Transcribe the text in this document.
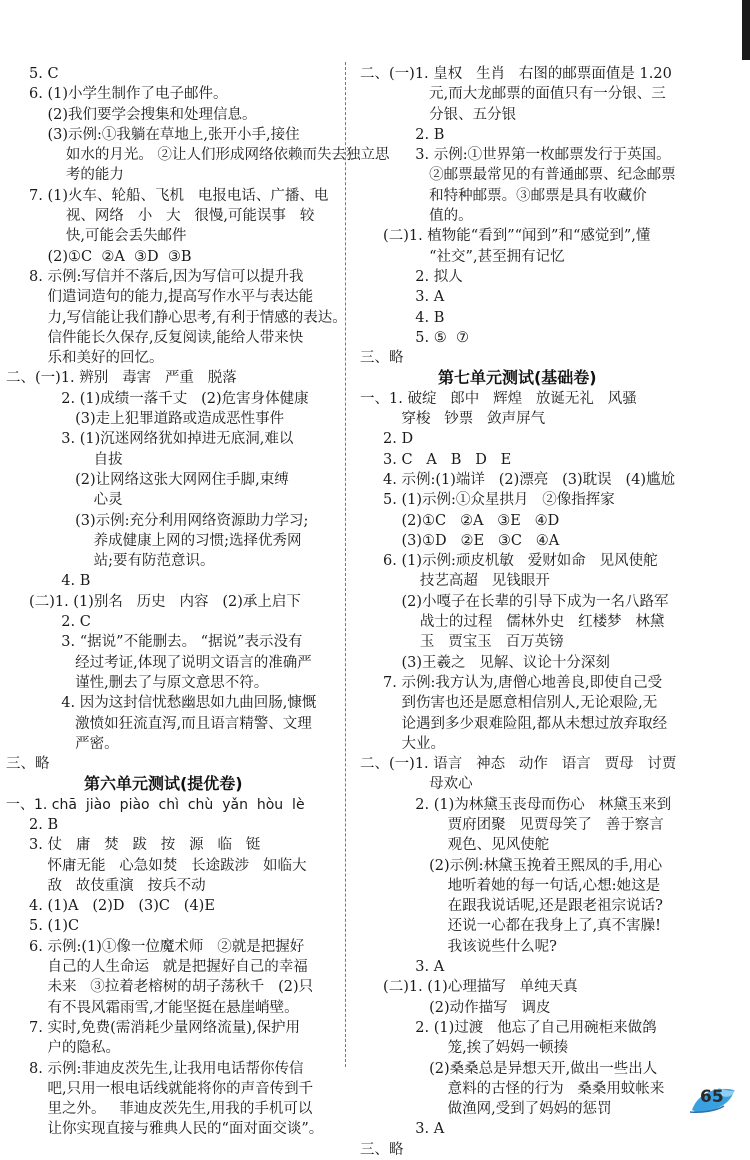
5. C
6. (1)小学生制作了电子邮件。
(2)我们要学会搜集和处理信息。
(3)示例:①我躺在草地上,张开小手,接住
如水的月光。 ②让人们形成网络依赖而失去独立思
考的能力
7. (1)火车、轮船、飞机   电报电话、广播、电
视、网络   小   大   很慢,可能误事   较
快,可能会丢失邮件
(2)①C  ②A  ③D  ③B
8. 示例:写信并不落后,因为写信可以提升我
们遣词造句的能力,提高写作水平与表达能
力,写信能让我们静心思考,有利于情感的表达。
信件能长久保存,反复阅读,能给人带来快
乐和美好的回忆。
二、(一)1. 辨别   毒害   严重   脱落
2. (1)成绩一落千丈   (2)危害身体健康
(3)走上犯罪道路或造成恶性事件
3. (1)沉迷网络犹如掉进无底洞,难以
自拔
(2)让网络这张大网网住手脚,束缚
心灵
(3)示例:充分利用网络资源助力学习;
养成健康上网的习惯;选择优秀网
站;要有防范意识。
4. B
(二)1. (1)别名   历史   内容   (2)承上启下
2. C
3. “据说”不能删去。 “据说”表示没有
经过考证,体现了说明文语言的准确严
谨性,删去了与原文意思不符。
4. 因为这封信忧愁幽思如九曲回肠,慷慨
激愤如狂流直泻,而且语言精警、文理
严密。
三、略
第六单元测试(提优卷)
一、1. chā  jiào  piào  chì  chù  yǎn  hòu  lè
2. B
3. 仗   庸   焚   跋   按   源   临   铤
怀庸无能   心急如焚   长途跋涉   如临大
敌   故伎重演   按兵不动
4. (1)A   (2)D   (3)C   (4)E
5. (1)C
6. 示例:(1)①像一位魔术师   ②就是把握好
自己的人生命运   就是把握好自己的幸福
未来   ③拉着老榕树的胡子荡秋千   (2)只
有不畏风霜雨雪,才能坚挺在悬崖峭壁。
7. 实时,免费(需消耗少量网络流量),保护用
户的隐私。
8. 示例:菲迪皮茨先生,让我用电话帮你传信
吧,只用一根电话线就能将你的声音传到千
里之外。   菲迪皮茨先生,用我的手机可以
让你实现直接与雅典人民的“面对面交谈”。
二、(一)1. 皇权   生肖   右图的邮票面值是 1.20
元,而大龙邮票的面值只有一分银、三
分银、五分银
2. B
3. 示例:①世界第一枚邮票发行于英国。
②邮票最常见的有普通邮票、纪念邮票
和特种邮票。③邮票是具有收藏价
值的。
(二)1. 植物能“看到”“闻到”和“感觉到”,懂
“社交”,甚至拥有记忆
2. 拟人
3. A
4. B
5. ⑤  ⑦
三、略
第七单元测试(基础卷)
一、1. 破绽   郎中   辉煌   放诞无礼   风骚
穿梭   钞票   敛声屏气
2. D
3. C   A   B   D   E
4. 示例:(1)端详   (2)漂亮   (3)耽误   (4)尴尬
5. (1)示例:①众星拱月   ②像指挥家
(2)①C   ②A   ③E   ④D
(3)①D   ②E   ③C   ④A
6. (1)示例:顽皮机敏   爱财如命   见风使舵
技艺高超   见钱眼开
(2)小嘎子在长辈的引导下成为一名八路军
战士的过程   儒林外史   红楼梦   林黛
玉   贾宝玉   百万英镑
(3)王羲之   见解、议论十分深刻
7. 示例:我方认为,唐僧心地善良,即使自己受
到伤害也还是愿意相信别人,无论艰险,无
论遇到多少艰难险阻,都从未想过放弃取经
大业。
二、(一)1. 语言   神态   动作   语言   贾母   讨贾
母欢心
2. (1)为林黛玉丧母而伤心   林黛玉来到
贾府团聚   见贾母笑了   善于察言
观色、见风使舵
(2)示例:林黛玉挽着王熙凤的手,用心
地听着她的每一句话,心想:她这是
在跟我说话呢,还是跟老祖宗说话?
还说一心都在我身上了,真不害臊!
我该说些什么呢?
3. A
(二)1. (1)心理描写   单纯天真
(2)动作描写   调皮
2. (1)过渡   他忘了自己用碗柜来做鸽
笼,挨了妈妈一顿揍
(2)桑桑总是异想天开,做出一些出人
意料的古怪的行为   桑桑用蚊帐来
做渔网,受到了妈妈的惩罚
3. A
三、略
65
